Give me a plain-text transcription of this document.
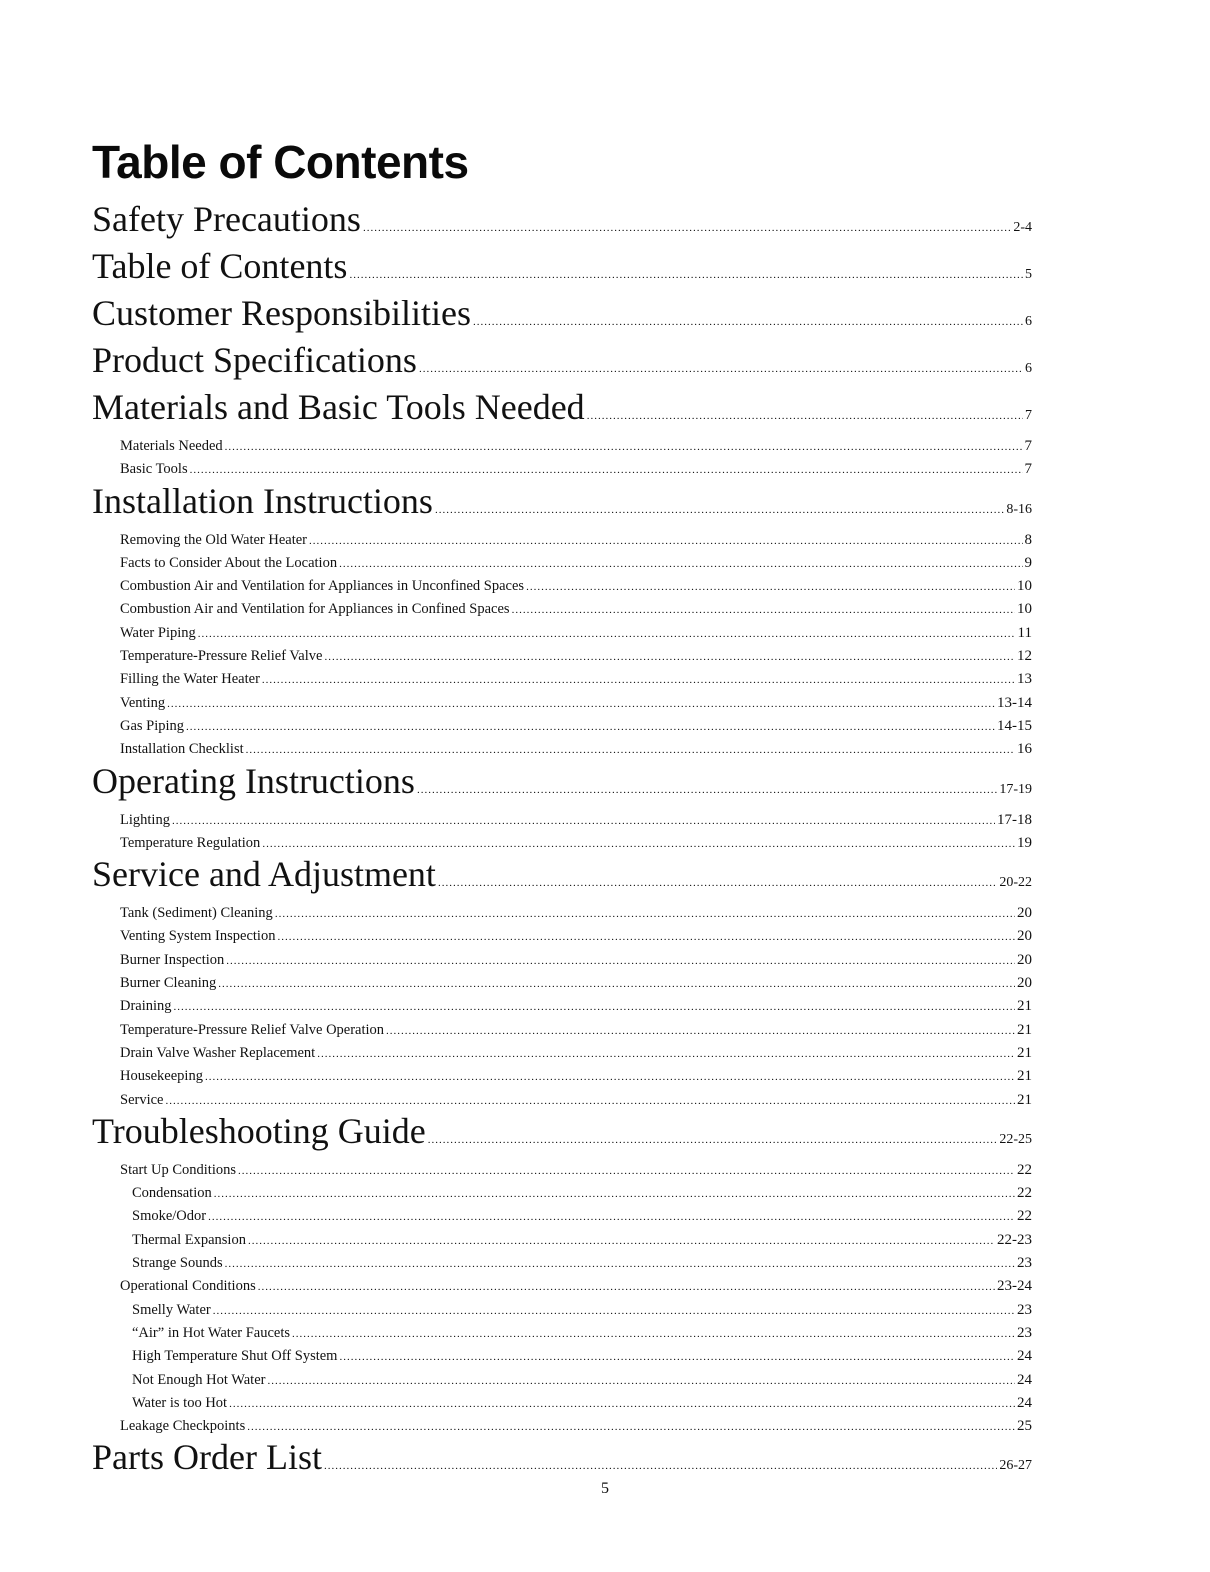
Table of Contents
Safety Precautions .....	2-4
Table of Contents .....	5
Customer Responsibilities .....	6
Product Specifications .....	6
Materials and Basic Tools Needed .....	7
Materials Needed .....	7
Basic Tools .....	7
Installation Instructions .....	8-16
Removing the Old Water Heater .....	8
Facts to Consider About the Location .....	9
Combustion Air and Ventilation for Appliances in Unconfined Spaces .....	10
Combustion Air and Ventilation for Appliances in Confined Spaces .....	10
Water Piping .....	11
Temperature-Pressure Relief Valve .....	12
Filling the Water Heater .....	13
Venting .....	13-14
Gas Piping .....	14-15
Installation Checklist .....	16
Operating Instructions .....	17-19
Lighting .....	17-18
Temperature Regulation .....	19
Service and Adjustment .....	20-22
Tank (Sediment) Cleaning .....	20
Venting System Inspection .....	20
Burner Inspection .....	20
Burner Cleaning .....	20
Draining .....	21
Temperature-Pressure Relief Valve Operation .....	21
Drain Valve Washer Replacement .....	21
Housekeeping .....	21
Service .....	21
Troubleshooting Guide .....	22-25
Start Up Conditions .....	22
Condensation .....	22
Smoke/Odor .....	22
Thermal Expansion .....	22-23
Strange Sounds .....	23
Operational Conditions .....	23-24
Smelly Water .....	23
“Air” in Hot Water Faucets .....	23
High Temperature Shut Off System .....	24
Not Enough Hot Water .....	24
Water is too Hot .....	24
Leakage Checkpoints .....	25
Parts Order List .....	26-27
5
